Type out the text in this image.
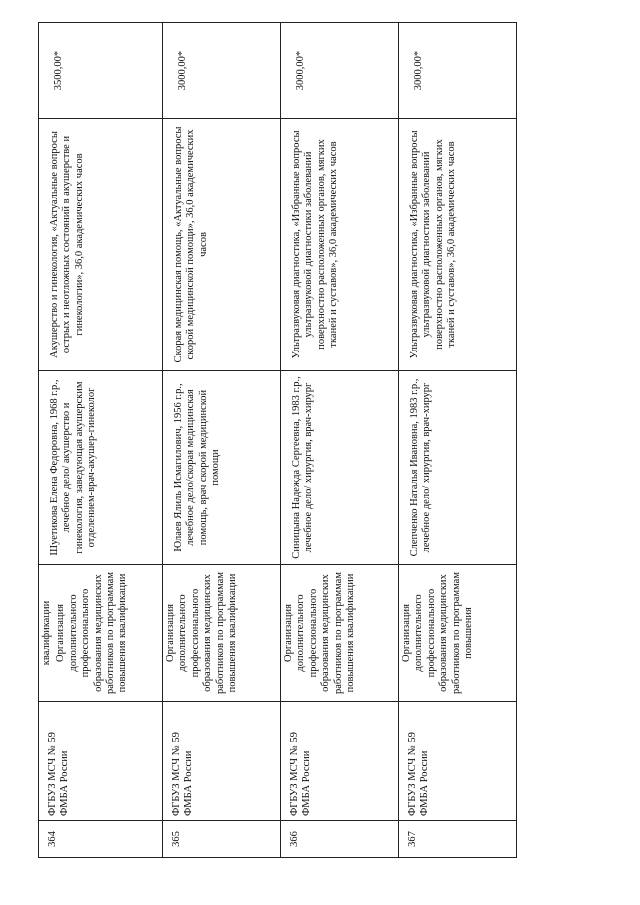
364	ФГБУЗ МСЧ № 59 ФМБА России	квалификации Организация дополнительного профессионального образования медицинских работников по программам повышения квалификации	Шуетикова Елена Федоровна, 1968 г.р., лечебное дело/ акушерство и гинекология, заведующая акушерским отделением-врач-акушер-гинеколог	Акушерство и гинекология, «Актуальные вопросы острых и неотложных состояний в акушерстве и гинекологии», 36,0 академических часов	3500,00*
365	ФГБУЗ МСЧ № 59 ФМБА России	Организация дополнительного профессионального образования медицинских работников по программам повышения квалификации	Юлаев Ялиль Исмагилович, 1956 г.р., лечебное дело/скорая медицинская помощь, врач скорой медицинской помощи	Скорая медицинская помощь, «Актуальные вопросы скорой медицинской помощи», 36,0 академических часов	3000,00*
366	ФГБУЗ МСЧ № 59 ФМБА России	Организация дополнительного профессионального образования медицинских работников по программам повышения квалификации	Синицына Надежда Сергеевна, 1983 г.р., лечебное дело/ хирургия, врач-хирург	Ультразвуковая диагностика, «Избранные вопросы ультразвуковой диагностики заболеваний поверхностно расположенных органов, мягких тканей и суставов», 36,0 академических часов	3000,00*
367	ФГБУЗ МСЧ № 59 ФМБА России	Организация дополнительного профессионального образования медицинских работников по программам повышения	Слепченко Наталья Ивановна, 1983 г.р., лечебное дело/ хирургия, врач-хирург	Ультразвуковая диагностика, «Избранные вопросы ультразвуковой диагностики заболеваний поверхностно расположенных органов, мягких тканей и суставов», 36,0 академических часов	3000,00*
